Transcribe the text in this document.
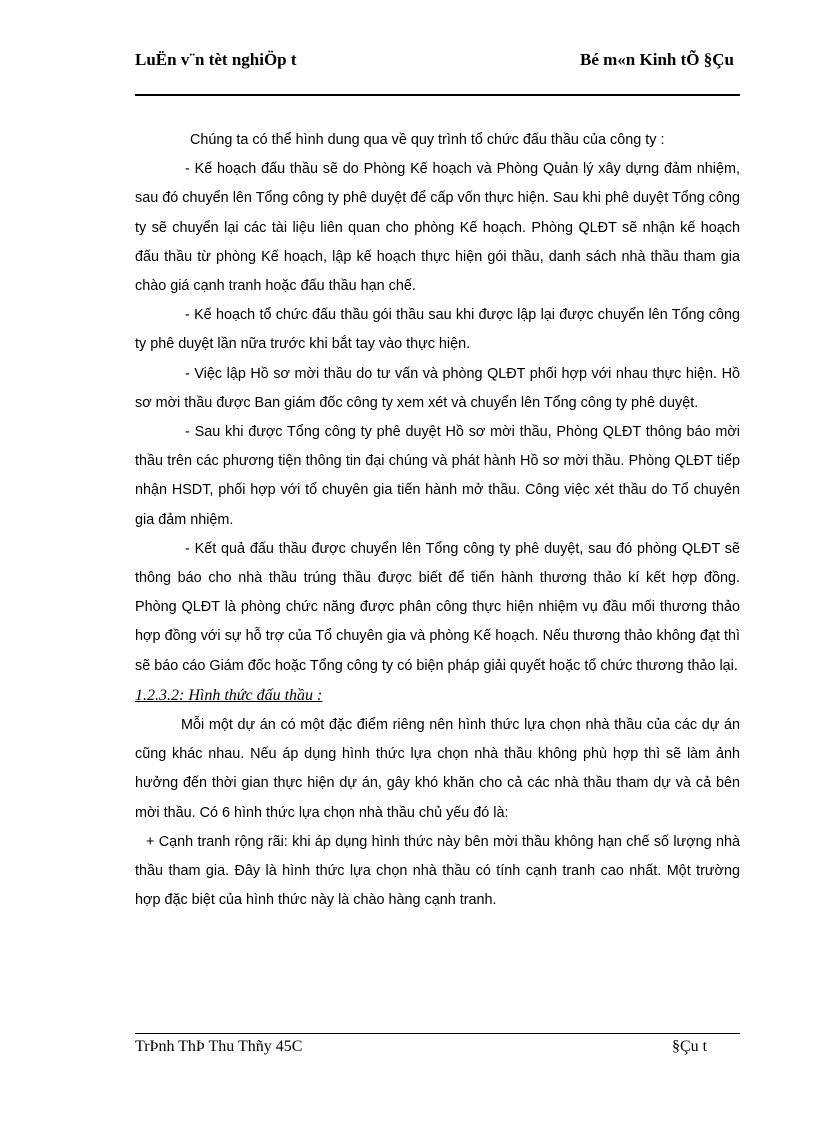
LuËn v¨n tèt nghiÖp t	Bé m«n Kinh tÕ §Çu

Chúng ta có thể hình dung qua về quy trình tổ chức đấu thầu của công ty :

- Kế hoạch đấu thầu sẽ do Phòng Kế hoạch và Phòng Quản lý xây dựng đảm nhiệm, sau đó chuyển lên Tổng công ty phê duyệt để cấp vốn thực hiện. Sau khi phê duyệt Tổng công ty sẽ chuyển lại các tài liệu liên quan cho phòng Kế hoạch. Phòng QLĐT sẽ nhận kế hoạch đấu thầu từ phòng Kế hoạch, lập kế hoạch thực hiện gói thầu, danh sách nhà thầu tham gia chào giá cạnh tranh hoặc đấu thầu hạn chế.

- Kế hoạch tổ chức đấu thầu gói thầu sau khi được lập lại được chuyển lên Tổng công ty phê duyệt lần nữa trước khi bắt tay vào thực hiện.

- Việc lập Hồ sơ mời thầu do tư vấn và phòng QLĐT phối hợp với nhau thực hiện. Hồ sơ mời thầu được Ban giám đốc công ty xem xét và chuyển lên Tổng công ty phê duyệt.

- Sau khi được Tổng công ty phê duyệt Hồ sơ mời thầu, Phòng QLĐT thông báo mời thầu trên các phương tiện thông tin đại chúng và phát hành Hồ sơ mời thầu. Phòng QLĐT tiếp nhận HSDT, phối hợp với tổ chuyên gia tiến hành mở thầu. Công việc xét thầu do Tổ chuyên gia đảm nhiệm.

- Kết quả đấu thầu được chuyển lên Tổng công ty phê duyệt, sau đó phòng QLĐT sẽ thông báo cho nhà thầu trúng thầu được biết để tiến hành thương thảo kí kết hợp đồng. Phòng QLĐT là phòng chức năng được phân công thực hiện nhiệm vụ đầu mối thương thảo hợp đồng với sự hỗ trợ của Tổ chuyên gia và phòng Kế hoạch. Nếu thương thảo không đạt thì sẽ báo cáo Giám đốc hoặc Tổng công ty có biện pháp giải quyết hoặc tổ chức thương thảo lại.

1.2.3.2: Hình thức đấu thầu :

Mỗi một dự án có một đặc điểm riêng nên hình thức lựa chọn nhà thầu của các dự án cũng khác nhau. Nếu áp dụng hình thức lựa chọn nhà thầu không phù hợp thì sẽ làm ảnh hưởng đến thời gian thực hiện dự án, gây khó khăn cho cả các nhà thầu tham dự và cả bên mời thầu. Có 6 hình thức lựa chọn nhà thầu chủ yếu đó là:

+ Cạnh tranh rộng rãi: khi áp dụng hình thức này bên mời thầu không hạn chế số lượng nhà thầu tham gia. Đây là hình thức lựa chọn nhà thầu có tính cạnh tranh cao nhất. Một trường hợp đặc biệt của hình thức này là chào hàng cạnh tranh.

TrÞnh ThÞ Thu Thñy 45C	§Çu t
